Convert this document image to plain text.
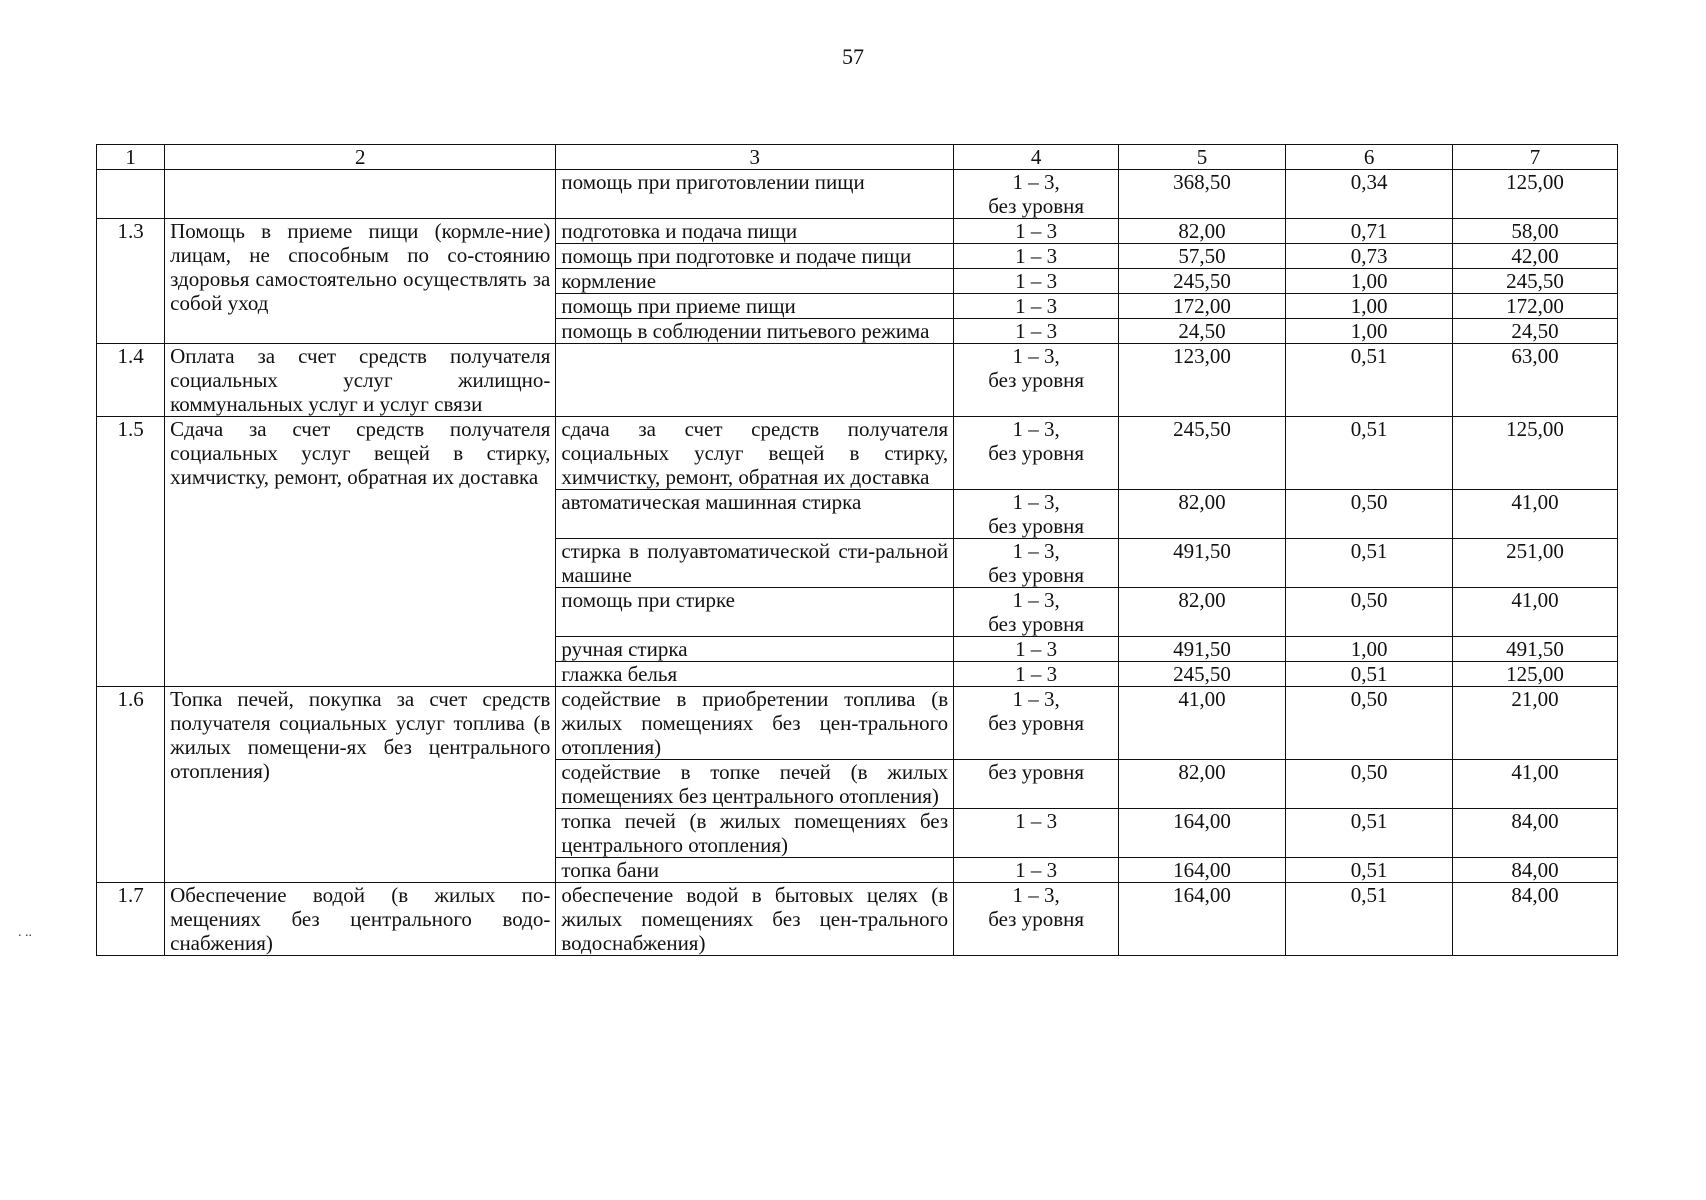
57
. ..
1	2	3	4	5	6	7
		помощь при приготовлении пищи	1 – 3,
без уровня	368,50	0,34	125,00
1.3	Помощь в приеме пищи (кормле-ние) лицам, не способным по со-стоянию здоровья самостоятельно осуществлять за собой уход	подготовка и подача пищи	1 – 3	82,00	0,71	58,00
		помощь при подготовке и подаче пищи	1 – 3	57,50	0,73	42,00
		кормление	1 – 3	245,50	1,00	245,50
		помощь при приеме пищи	1 – 3	172,00	1,00	172,00
		помощь в соблюдении питьевого режима	1 – 3	24,50	1,00	24,50
1.4	Оплата за счет средств получателя социальных услуг жилищно-коммунальных услуг и услуг связи		1 – 3,
без уровня	123,00	0,51	63,00
1.5	Сдача за счет средств получателя социальных услуг вещей в стирку, химчистку, ремонт, обратная их доставка	сдача за счет средств получателя социальных услуг вещей в стирку, химчистку, ремонт, обратная их доставка	1 – 3,
без уровня	245,50	0,51	125,00
		автоматическая машинная стирка	1 – 3,
без уровня	82,00	0,50	41,00
		стирка в полуавтоматической сти-ральной машине	1 – 3,
без уровня	491,50	0,51	251,00
		помощь при стирке	1 – 3,
без уровня	82,00	0,50	41,00
		ручная стирка	1 – 3	491,50	1,00	491,50
		глажка белья	1 – 3	245,50	0,51	125,00
1.6	Топка печей, покупка за счет средств получателя социальных услуг топлива (в жилых помещени-ях без центрального отопления)	содействие в приобретении топлива (в жилых помещениях без цен-трального отопления)	1 – 3,
без уровня	41,00	0,50	21,00
		содействие в топке печей (в жилых помещениях без центрального отопления)	без уровня	82,00	0,50	41,00
		топка печей (в жилых помещениях без центрального отопления)	1 – 3	164,00	0,51	84,00
		топка бани	1 – 3	164,00	0,51	84,00
1.7	Обеспечение водой (в жилых по-мещениях без центрального водо-снабжения)	обеспечение водой в бытовых целях (в жилых помещениях без цен-трального водоснабжения)	1 – 3,
без уровня	164,00	0,51	84,00
